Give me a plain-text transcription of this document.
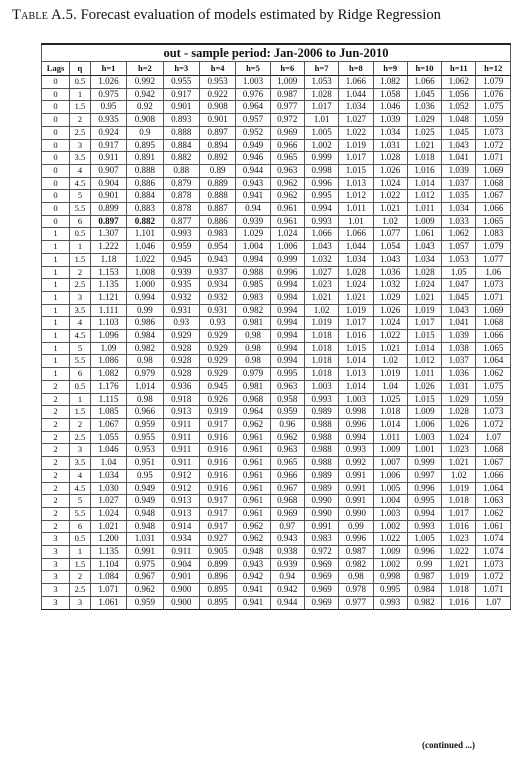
Table A.5. Forecast evaluation of models estimated by Ridge Regression
out - sample period: Jan-2006 to Jun-2010													
Lags	η	h=1	h=2	h=3	h=4	h=5	h=6	h=7	h=8	h=9	h=10	h=11	h=12
0	0.5	1.026	0.992	0.955	0.953	1.003	1.009	1.053	1.066	1.082	1.066	1.062	1.079
0	1	0.975	0.942	0.917	0.922	0.976	0.987	1.028	1.044	1.058	1.045	1.056	1.076
0	1.5	0.95	0.92	0.901	0.908	0.964	0.977	1.017	1.034	1.046	1.036	1.052	1.075
0	2	0.935	0.908	0.893	0.901	0.957	0.972	1.01	1.027	1.039	1.029	1.048	1.059
0	2.5	0.924	0.9	0.888	0.897	0.952	0.969	1.005	1.022	1.034	1.025	1.045	1.073
0	3	0.917	0.895	0.884	0.894	0.949	0.966	1.002	1.019	1.031	1.021	1.043	1.072
0	3.5	0.911	0.891	0.882	0.892	0.946	0.965	0.999	1.017	1.028	1.018	1.041	1.071
0	4	0.907	0.888	0.88	0.89	0.944	0.963	0.998	1.015	1.026	1.016	1.039	1.069
0	4.5	0.904	0.886	0.879	0.889	0.943	0.962	0.996	1.013	1.024	1.014	1.037	1.068
0	5	0.901	0.884	0.878	0.888	0.941	0.962	0.995	1.012	1.022	1.012	1.035	1.067
0	5.5	0.899	0.883	0.878	0.887	0.94	0.961	0.994	1.011	1.021	1.011	1.034	1.066
0	6	0.897	0.882	0.877	0.886	0.939	0.961	0.993	1.01	1.02	1.009	1.033	1.065
1	0.5	1.307	1.101	0.993	0.983	1.029	1.024	1.066	1.066	1.077	1.061	1.062	1.083
1	1	1.222	1.046	0.959	0.954	1.004	1.006	1.043	1.044	1.054	1.043	1.057	1.079
1	1.5	1.18	1.022	0.945	0.943	0.994	0.999	1.032	1.034	1.043	1.034	1.053	1.077
1	2	1.153	1.008	0.939	0.937	0.988	0.996	1.027	1.028	1.036	1.028	1.05	1.06
1	2.5	1.135	1.000	0.935	0.934	0.985	0.994	1.023	1.024	1.032	1.024	1.047	1.073
1	3	1.121	0.994	0.932	0.932	0.983	0.994	1.021	1.021	1.029	1.021	1.045	1.071
1	3.5	1.111	0.99	0.931	0.931	0.982	0.994	1.02	1.019	1.026	1.019	1.043	1.069
1	4	1.103	0.986	0.93	0.93	0.981	0.994	1.019	1.017	1.024	1.017	1.041	1.068
1	4.5	1.096	0.984	0.929	0.929	0.98	0.994	1.018	1.016	1.022	1.015	1.039	1.066
1	5	1.09	0.982	0.928	0.929	0.98	0.994	1.018	1.015	1.021	1.014	1.038	1.065
1	5.5	1.086	0.98	0.928	0.929	0.98	0.994	1.018	1.014	1.02	1.012	1.037	1.064
1	6	1.082	0.979	0.928	0.929	0.979	0.995	1.018	1.013	1.019	1.011	1.036	1.062
2	0.5	1.176	1.014	0.936	0.945	0.981	0.963	1.003	1.014	1.04	1.026	1.031	1.075
2	1	1.115	0.98	0.918	0.926	0.968	0.958	0.993	1.003	1.025	1.015	1.029	1.059
2	1.5	1.085	0.966	0.913	0.919	0.964	0.959	0.989	0.998	1.018	1.009	1.028	1.073
2	2	1.067	0.959	0.911	0.917	0.962	0.96	0.988	0.996	1.014	1.006	1.026	1.072
2	2.5	1.055	0.955	0.911	0.916	0.961	0.962	0.988	0.994	1.011	1.003	1.024	1.07
2	3	1.046	0.953	0.911	0.916	0.961	0.963	0.988	0.993	1.009	1.001	1.023	1.068
2	3.5	1.04	0.951	0.911	0.916	0.961	0.965	0.988	0.992	1.007	0.999	1.021	1.067
2	4	1.034	0.95	0.912	0.916	0.961	0.966	0.989	0.991	1.006	0.997	1.02	1.066
2	4.5	1.030	0.949	0.912	0.916	0.961	0.967	0.989	0.991	1.005	0.996	1.019	1.064
2	5	1.027	0.949	0.913	0.917	0.961	0.968	0.990	0.991	1.004	0.995	1.018	1.063
2	5.5	1.024	0.948	0.913	0.917	0.961	0.969	0.990	0.990	1.003	0.994	1.017	1.062
2	6	1.021	0.948	0.914	0.917	0.962	0.97	0.991	0.99	1.002	0.993	1.016	1.061
3	0.5	1.200	1.031	0.934	0.927	0.962	0.943	0.983	0.996	1.022	1.005	1.023	1.074
3	1	1.135	0.991	0.911	0.905	0.948	0.938	0.972	0.987	1.009	0.996	1.022	1.074
3	1.5	1.104	0.975	0.904	0.899	0.943	0.939	0.969	0.982	1.002	0.99	1.021	1.073
3	2	1.084	0.967	0.901	0.896	0.942	0.94	0.969	0.98	0.998	0.987	1.019	1.072
3	2.5	1.071	0.962	0.900	0.895	0.941	0.942	0.969	0.978	0.995	0.984	1.018	1.071
3	3	1.061	0.959	0.900	0.895	0.941	0.944	0.969	0.977	0.993	0.982	1.016	1.07
(continued ...)
